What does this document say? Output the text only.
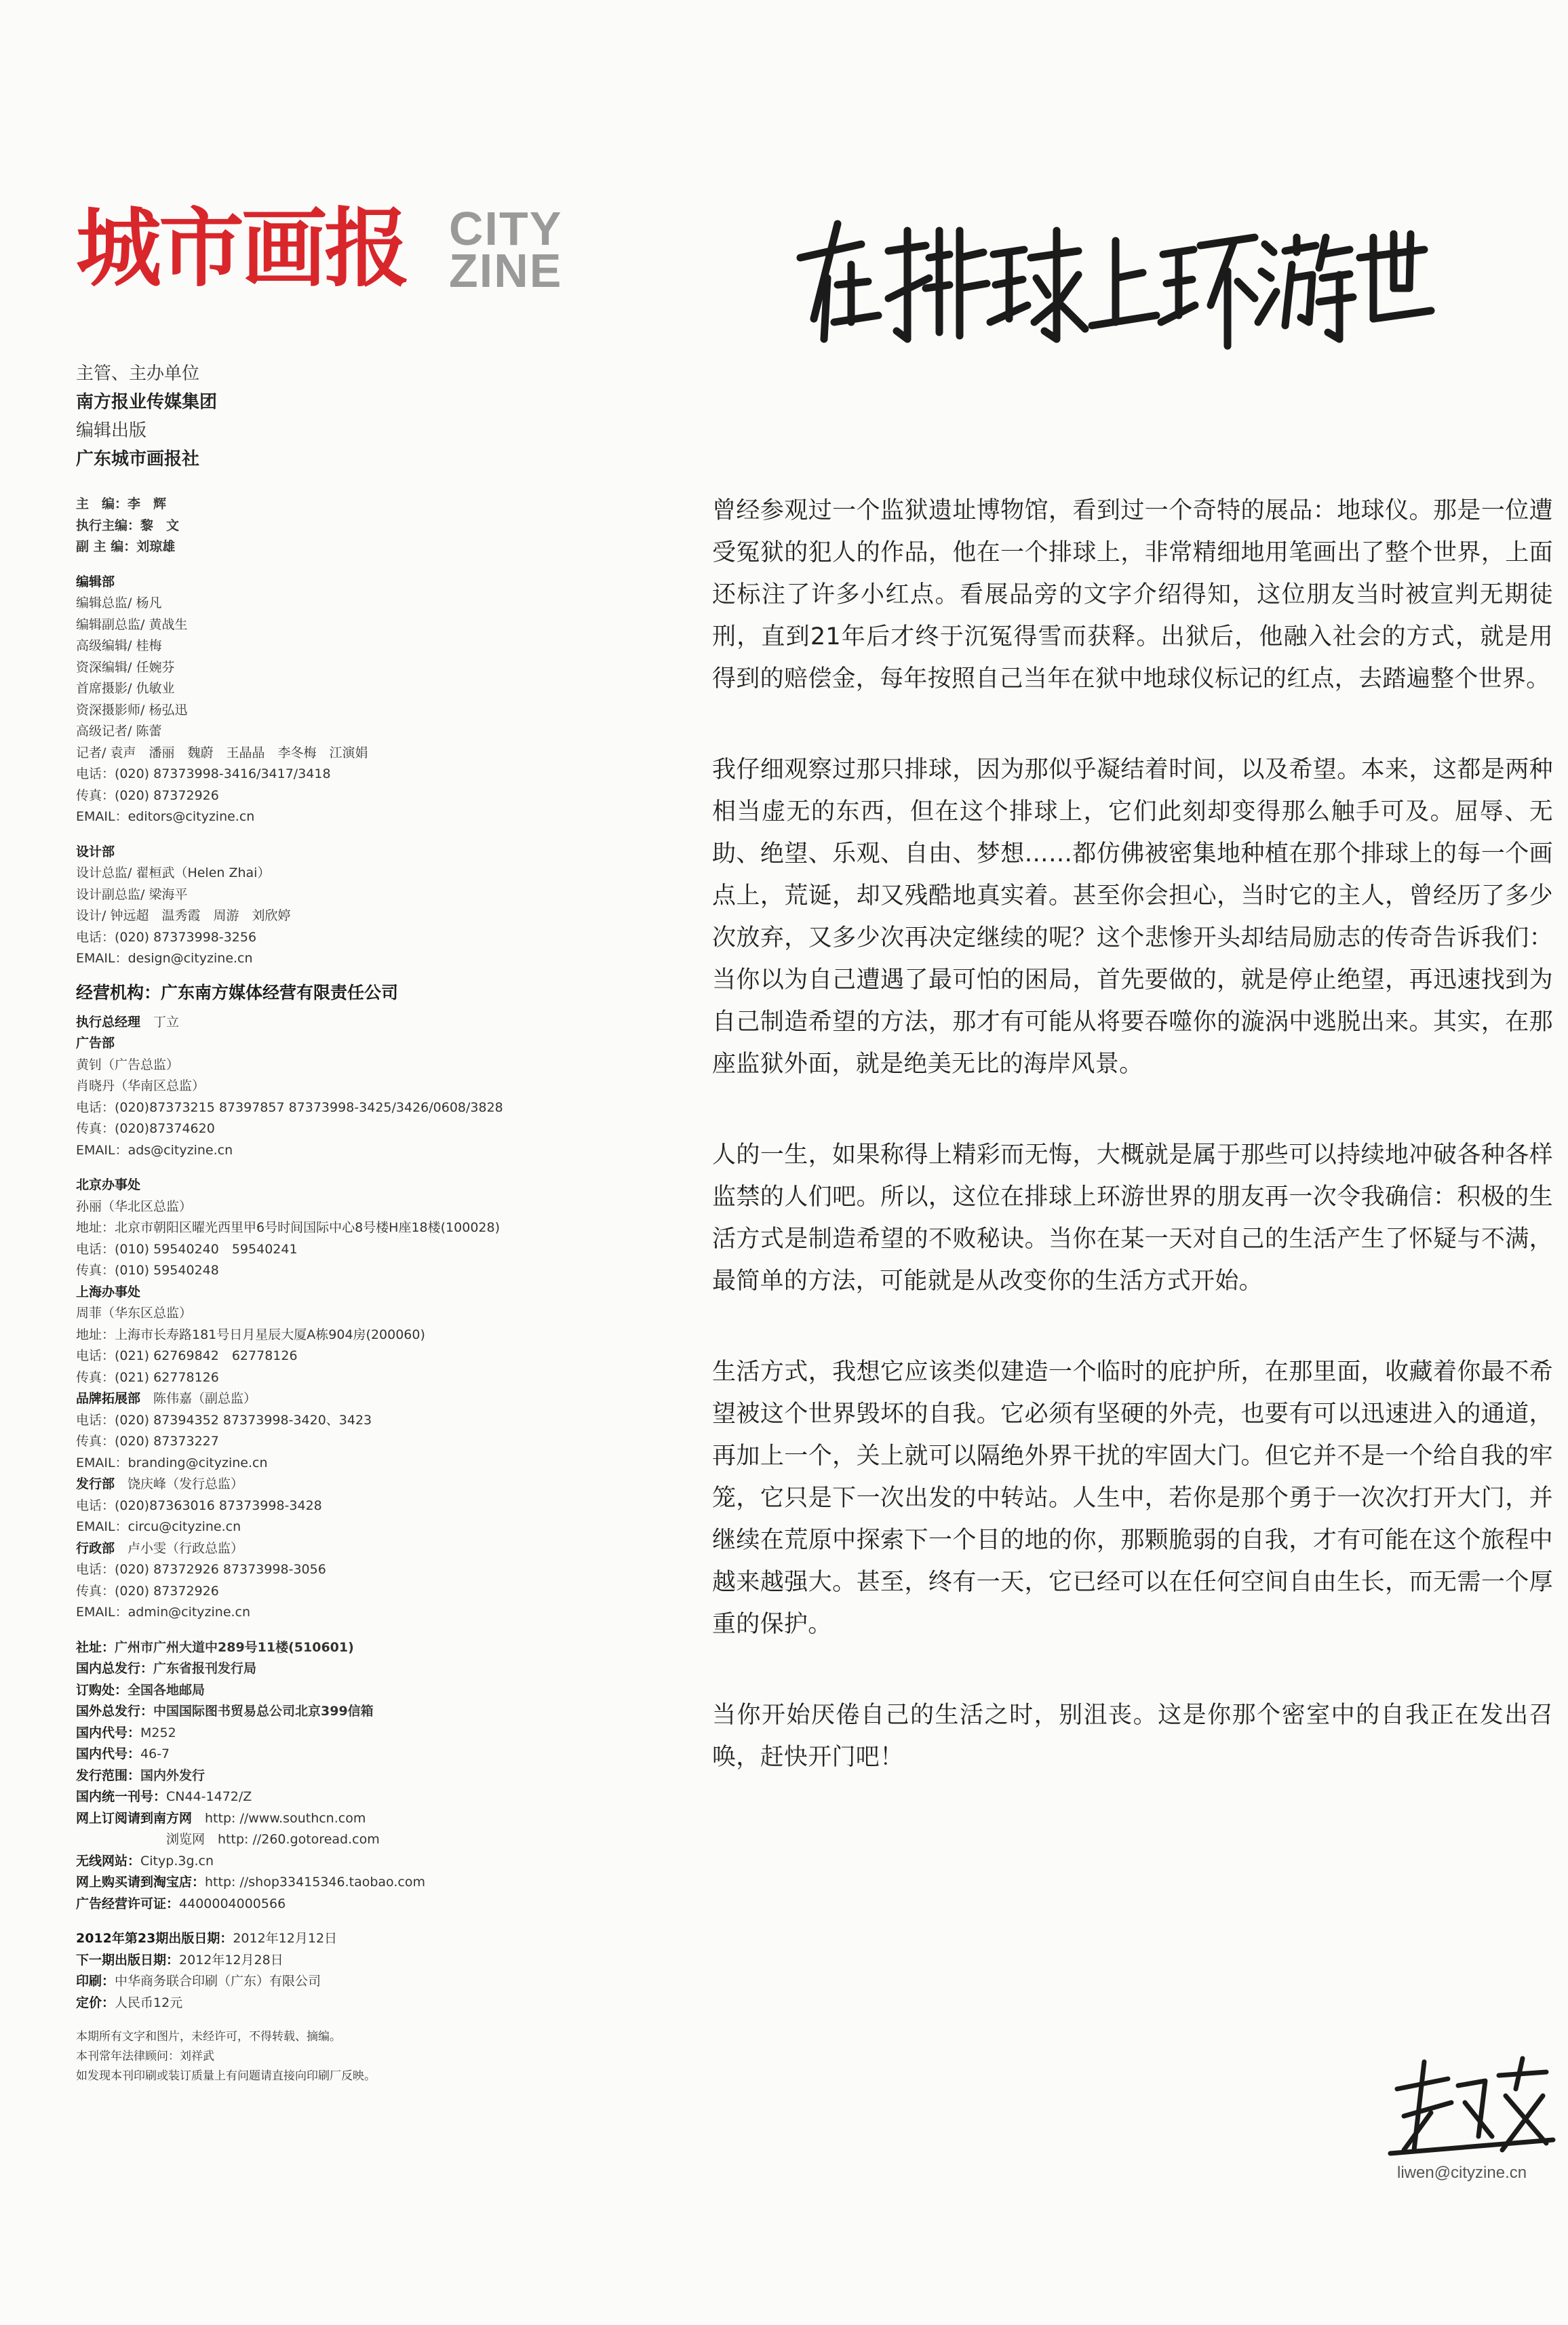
城市画报 CITY
ZINE
主管、主办单位
南方报业传媒集团
编辑出版
广东城市画报社
主　编：李　辉
执行主编：黎　文
副 主 编：刘琼雄
编辑部
编辑总监/ 杨凡
编辑副总监/ 黄战生
高级编辑/ 桂梅
资深编辑/ 任婉芬
首席摄影/ 仇敏业
资深摄影师/ 杨弘迅
高级记者/ 陈蕾
记者/ 袁声　潘丽　魏蔚　王晶晶　李冬梅　江演娟
电话：(020) 87373998-3416/3417/3418
传真：(020) 87372926
EMAIL：editors@cityzine.cn
设计部
设计总监/ 翟桓武（Helen Zhai）
设计副总监/ 梁海平
设计/ 钟远超　温秀霞　周游　刘欣婷
电话：(020) 87373998-3256
EMAIL：design@cityzine.cn
经营机构：广东南方媒体经营有限责任公司
执行总经理　丁立
广告部
黄钊（广告总监）
肖晓丹（华南区总监）
电话：(020)87373215 87397857 87373998-3425/3426/0608/3828
传真：(020)87374620
EMAIL：ads@cityzine.cn
北京办事处
孙丽（华北区总监）
地址：北京市朝阳区曜光西里甲6号时间国际中心8号楼H座18楼(100028)
电话：(010) 59540240　59540241
传真：(010) 59540248
上海办事处
周菲（华东区总监）
地址：上海市长寿路181号日月星辰大厦A栋904房(200060)
电话：(021) 62769842　62778126
传真：(021) 62778126
品牌拓展部　陈伟嘉（副总监）
电话：(020) 87394352 87373998-3420、3423
传真：(020) 87373227
EMAIL：branding@cityzine.cn
发行部　饶庆峰（发行总监）
电话：(020)87363016 87373998-3428
EMAIL：circu@cityzine.cn
行政部　卢小雯（行政总监）
电话：(020) 87372926 87373998-3056
传真：(020) 87372926
EMAIL：admin@cityzine.cn
社址：广州市广州大道中289号11楼(510601)
国内总发行：广东省报刊发行局
订购处：全国各地邮局
国外总发行：中国国际图书贸易总公司北京399信箱
国内代号：M252
国内代号：46-7
发行范围：国内外发行
国内统一刊号：CN44-1472/Z
网上订阅请到南方网　http: //www.southcn.com
　　　　　　　浏览网　http: //260.gotoread.com
无线网站：Cityp.3g.cn
网上购买请到淘宝店：http: //shop33415346.taobao.com
广告经营许可证：4400004000566
2012年第23期出版日期：2012年12月12日
下一期出版日期：2012年12月28日
印刷：中华商务联合印刷（广东）有限公司
定价：人民币12元
本期所有文字和图片，未经许可，不得转载、摘编。
本刊常年法律顾问：刘祥武
如发现本刊印刷或装订质量上有问题请直接向印刷厂反映。

曾经参观过一个监狱遗址博物馆，看到过一个奇特的展品：地球仪。那是一位遭受冤狱的犯人的作品，他在一个排球上，非常精细地用笔画出了整个世界，上面还标注了许多小红点。看展品旁的文字介绍得知，这位朋友当时被宣判无期徒刑，直到21年后才终于沉冤得雪而获释。出狱后，他融入社会的方式，就是用得到的赔偿金，每年按照自己当年在狱中地球仪标记的红点，去踏遍整个世界。

我仔细观察过那只排球，因为那似乎凝结着时间，以及希望。本来，这都是两种相当虚无的东西，但在这个排球上，它们此刻却变得那么触手可及。屈辱、无助、绝望、乐观、自由、梦想……都仿佛被密集地种植在那个排球上的每一个画点上，荒诞，却又残酷地真实着。甚至你会担心，当时它的主人，曾经历了多少次放弃，又多少次再决定继续的呢？这个悲惨开头却结局励志的传奇告诉我们：当你以为自己遭遇了最可怕的困局，首先要做的，就是停止绝望，再迅速找到为自己制造希望的方法，那才有可能从将要吞噬你的漩涡中逃脱出来。其实，在那座监狱外面，就是绝美无比的海岸风景。

人的一生，如果称得上精彩而无悔，大概就是属于那些可以持续地冲破各种各样监禁的人们吧。所以，这位在排球上环游世界的朋友再一次令我确信：积极的生活方式是制造希望的不败秘诀。当你在某一天对自己的生活产生了怀疑与不满，最简单的方法，可能就是从改变你的生活方式开始。

生活方式，我想它应该类似建造一个临时的庇护所，在那里面，收藏着你最不希望被这个世界毁坏的自我。它必须有坚硬的外壳，也要有可以迅速进入的通道，再加上一个，关上就可以隔绝外界干扰的牢固大门。但它并不是一个给自我的牢笼，它只是下一次出发的中转站。人生中，若你是那个勇于一次次打开大门，并继续在荒原中探索下一个目的地的你，那颗脆弱的自我，才有可能在这个旅程中越来越强大。甚至，终有一天，它已经可以在任何空间自由生长，而无需一个厚重的保护。

当你开始厌倦自己的生活之时，别沮丧。这是你那个密室中的自我正在发出召唤，赶快开门吧！

liwen@cityzine.cn
